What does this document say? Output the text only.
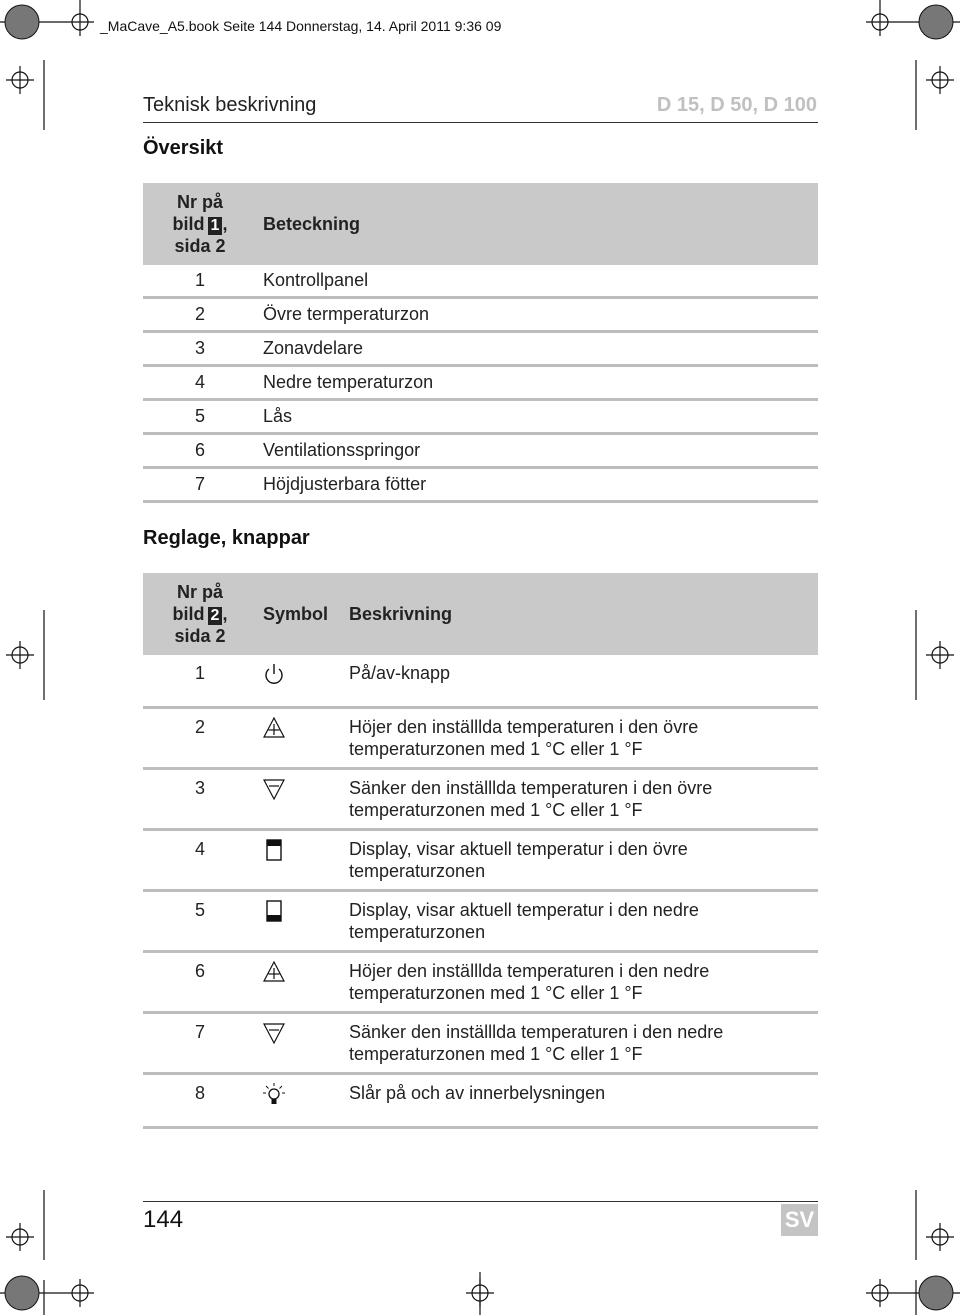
_MaCave_A5.book Seite 144 Donnerstag, 14. April 2011 9:36 09
Teknisk beskrivning	D 15, D 50, D 100
Översikt
Nr på
bild 1 ,
sida 2		Beteckning
1		Kontrollpanel
2		Övre termperaturzon
3		Zonavdelare
4		Nedre temperaturzon
5		Lås
6		Ventilationsspringor
7		Höjdjusterbara fötter
Reglage, knappar
Nr på
bild 2 ,
sida 2	Symbol	Beskrivning
1		På/av-knapp

2		Höjer den inställlda temperaturen i den övre
temperaturzonen med 1 °C eller 1 °F

3		Sänker den inställlda temperaturen i den övre
temperaturzonen med 1 °C eller 1 °F

4		Display, visar aktuell temperatur i den övre
temperaturzonen

5		Display, visar aktuell temperatur i den nedre
temperaturzonen

6		Höjer den inställlda temperaturen i den nedre
temperaturzonen med 1 °C eller 1 °F

7		Sänker den inställlda temperaturen i den nedre
temperaturzonen med 1 °C eller 1 °F

8		Slår på och av innerbelysningen
144	SV
